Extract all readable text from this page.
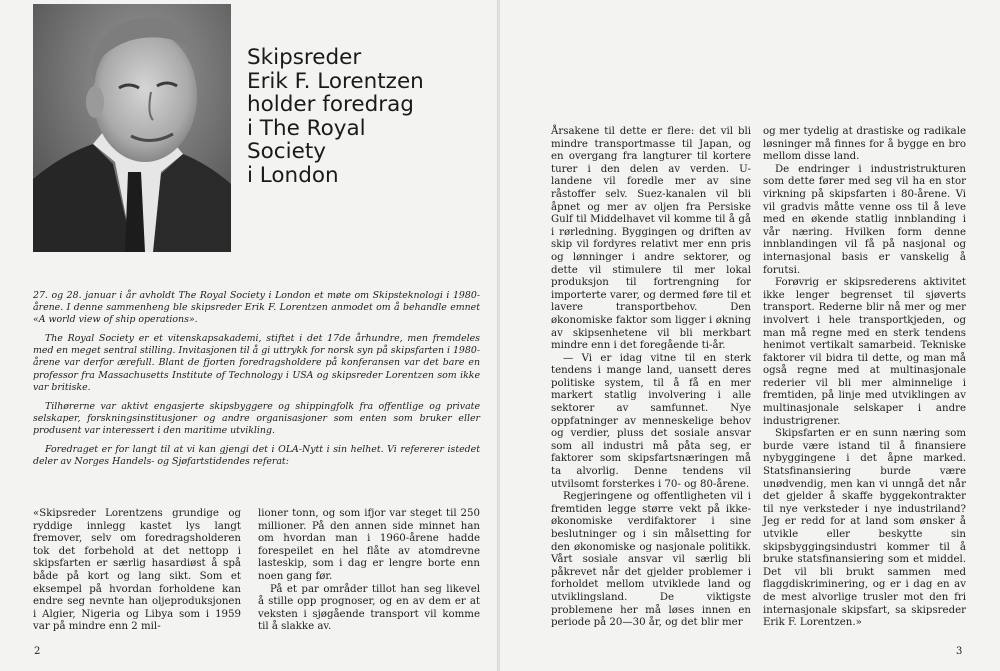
Skipsreder
Erik F. Lorentzen
holder foredrag
i The Royal
Society
i London

27. og 28. januar i år avholdt The Royal Society i London et møte om Skipsteknologi i 1980-årene. I denne sammenheng ble skipsreder Erik F. Lorentzen anmodet om å behandle emnet «A world view of ship operations».

The Royal Society er et vitenskapsakademi, stiftet i det 17de århundre, men fremdeles med en meget sentral stilling. Invitasjonen til å gi uttrykk for norsk syn på skipsfarten i 1980-årene var derfor ærefull. Blant de fjorten foredragsholdere på konferansen var det bare en professor fra Massachusetts Institute of Technology i USA og skipsreder Lorentzen som ikke var britiske.

Tilhørerne var aktivt engasjerte skipsbyggere og shippingfolk fra offentlige og private selskaper, forskningsinstitusjoner og andre organisasjoner som enten som bruker eller produsent var interessert i den maritime utvikling.

Foredraget er for langt til at vi kan gjengi det i OLA-Nytt i sin helhet. Vi refererer istedet deler av Norges Handels- og Sjøfartstidendes referat:

«Skipsreder Lorentzens grundige og ryddige innlegg kastet lys langt fremover, selv om foredragsholderen tok det forbehold at det nettopp i skipsfarten er særlig hasardiøst å spå både på kort og lang sikt. Som et eksempel på hvordan forholdene kan endre seg nevnte han oljeproduksjonen i Algier, Nigeria og Libya som i 1959 var på mindre enn 2 mil-

lioner tonn, og som ifjor var steget til 250 millioner. På den annen side minnet han om hvordan man i 1960-årene hadde forespeilet en hel flåte av atomdrevne lasteskip, som i dag er lengre borte enn noen gang før.

På et par områder tillot han seg likevel å stille opp prognoser, og en av dem er at veksten i sjøgående transport vil komme til å slakke av.

2

Årsakene til dette er flere: det vil bli mindre transportmasse til Japan, og en overgang fra langturer til kortere turer i den delen av verden. U-landene vil foredle mer av sine råstoffer selv. Suez-kanalen vil bli åpnet og mer av oljen fra Persiske Gulf til Middelhavet vil komme til å gå i rørledning. Byggingen og driften av skip vil fordyres relativt mer enn pris og lønninger i andre sektorer, og dette vil stimulere til mer lokal produksjon til fortrengning for importerte varer, og dermed føre til et lavere transportbehov. Den økonomiske faktor som ligger i økning av skipsenhetene vil bli merkbart mindre enn i det foregående ti-år.

— Vi er idag vitne til en sterk tendens i mange land, uansett deres politiske system, til å få en mer markert statlig involvering i alle sektorer av samfunnet. Nye oppfatninger av menneskelige behov og verdier, pluss det sosiale ansvar som all industri må påta seg, er faktorer som skipsfartsnæringen må ta alvorlig. Denne tendens vil utvilsomt forsterkes i 70- og 80-årene.

Regjeringene og offentligheten vil i fremtiden legge større vekt på ikke-økonomiske verdifaktorer i sine beslutninger og i sin målsetting for den økonomiske og nasjonale politikk. Vårt sosiale ansvar vil særlig bli påkrevet når det gjelder problemer i forholdet mellom utviklede land og utviklingsland. De viktigste problemene her må løses innen en periode på 20—30 år, og det blir mer

og mer tydelig at drastiske og radikale løsninger må finnes for å bygge en bro mellom disse land.

De endringer i industristrukturen som dette fører med seg vil ha en stor virkning på skipsfarten i 80-årene. Vi vil gradvis måtte venne oss til å leve med en økende statlig innblanding i vår næring. Hvilken form denne innblandingen vil få på nasjonal og internasjonal basis er vanskelig å forutsi.

Forøvrig er skipsrederens aktivitet ikke lenger begrenset til sjøverts transport. Rederne blir nå mer og mer involvert i hele transportkjeden, og man må regne med en sterk tendens henimot vertikalt samarbeid. Tekniske faktorer vil bidra til dette, og man må også regne med at multinasjonale rederier vil bli mer alminnelige i fremtiden, på linje med utviklingen av multinasjonale selskaper i andre industrigrener.

Skipsfarten er en sunn næring som burde være istand til å finansiere nybyggingene i det åpne marked. Statsfinansiering burde være unødvendig, men kan vi unngå det når det gjelder å skaffe byggekontrakter til nye verksteder i nye industriland? Jeg er redd for at land som ønsker å utvikle eller beskytte sin skipsbyggingsindustri kommer til å bruke statsfinansiering som et middel. Det vil bli brukt sammen med flaggdiskriminering, og er i dag en av de mest alvorlige trusler mot den fri internasjonale skipsfart, sa skipsreder Erik F. Lorentzen.»

3
